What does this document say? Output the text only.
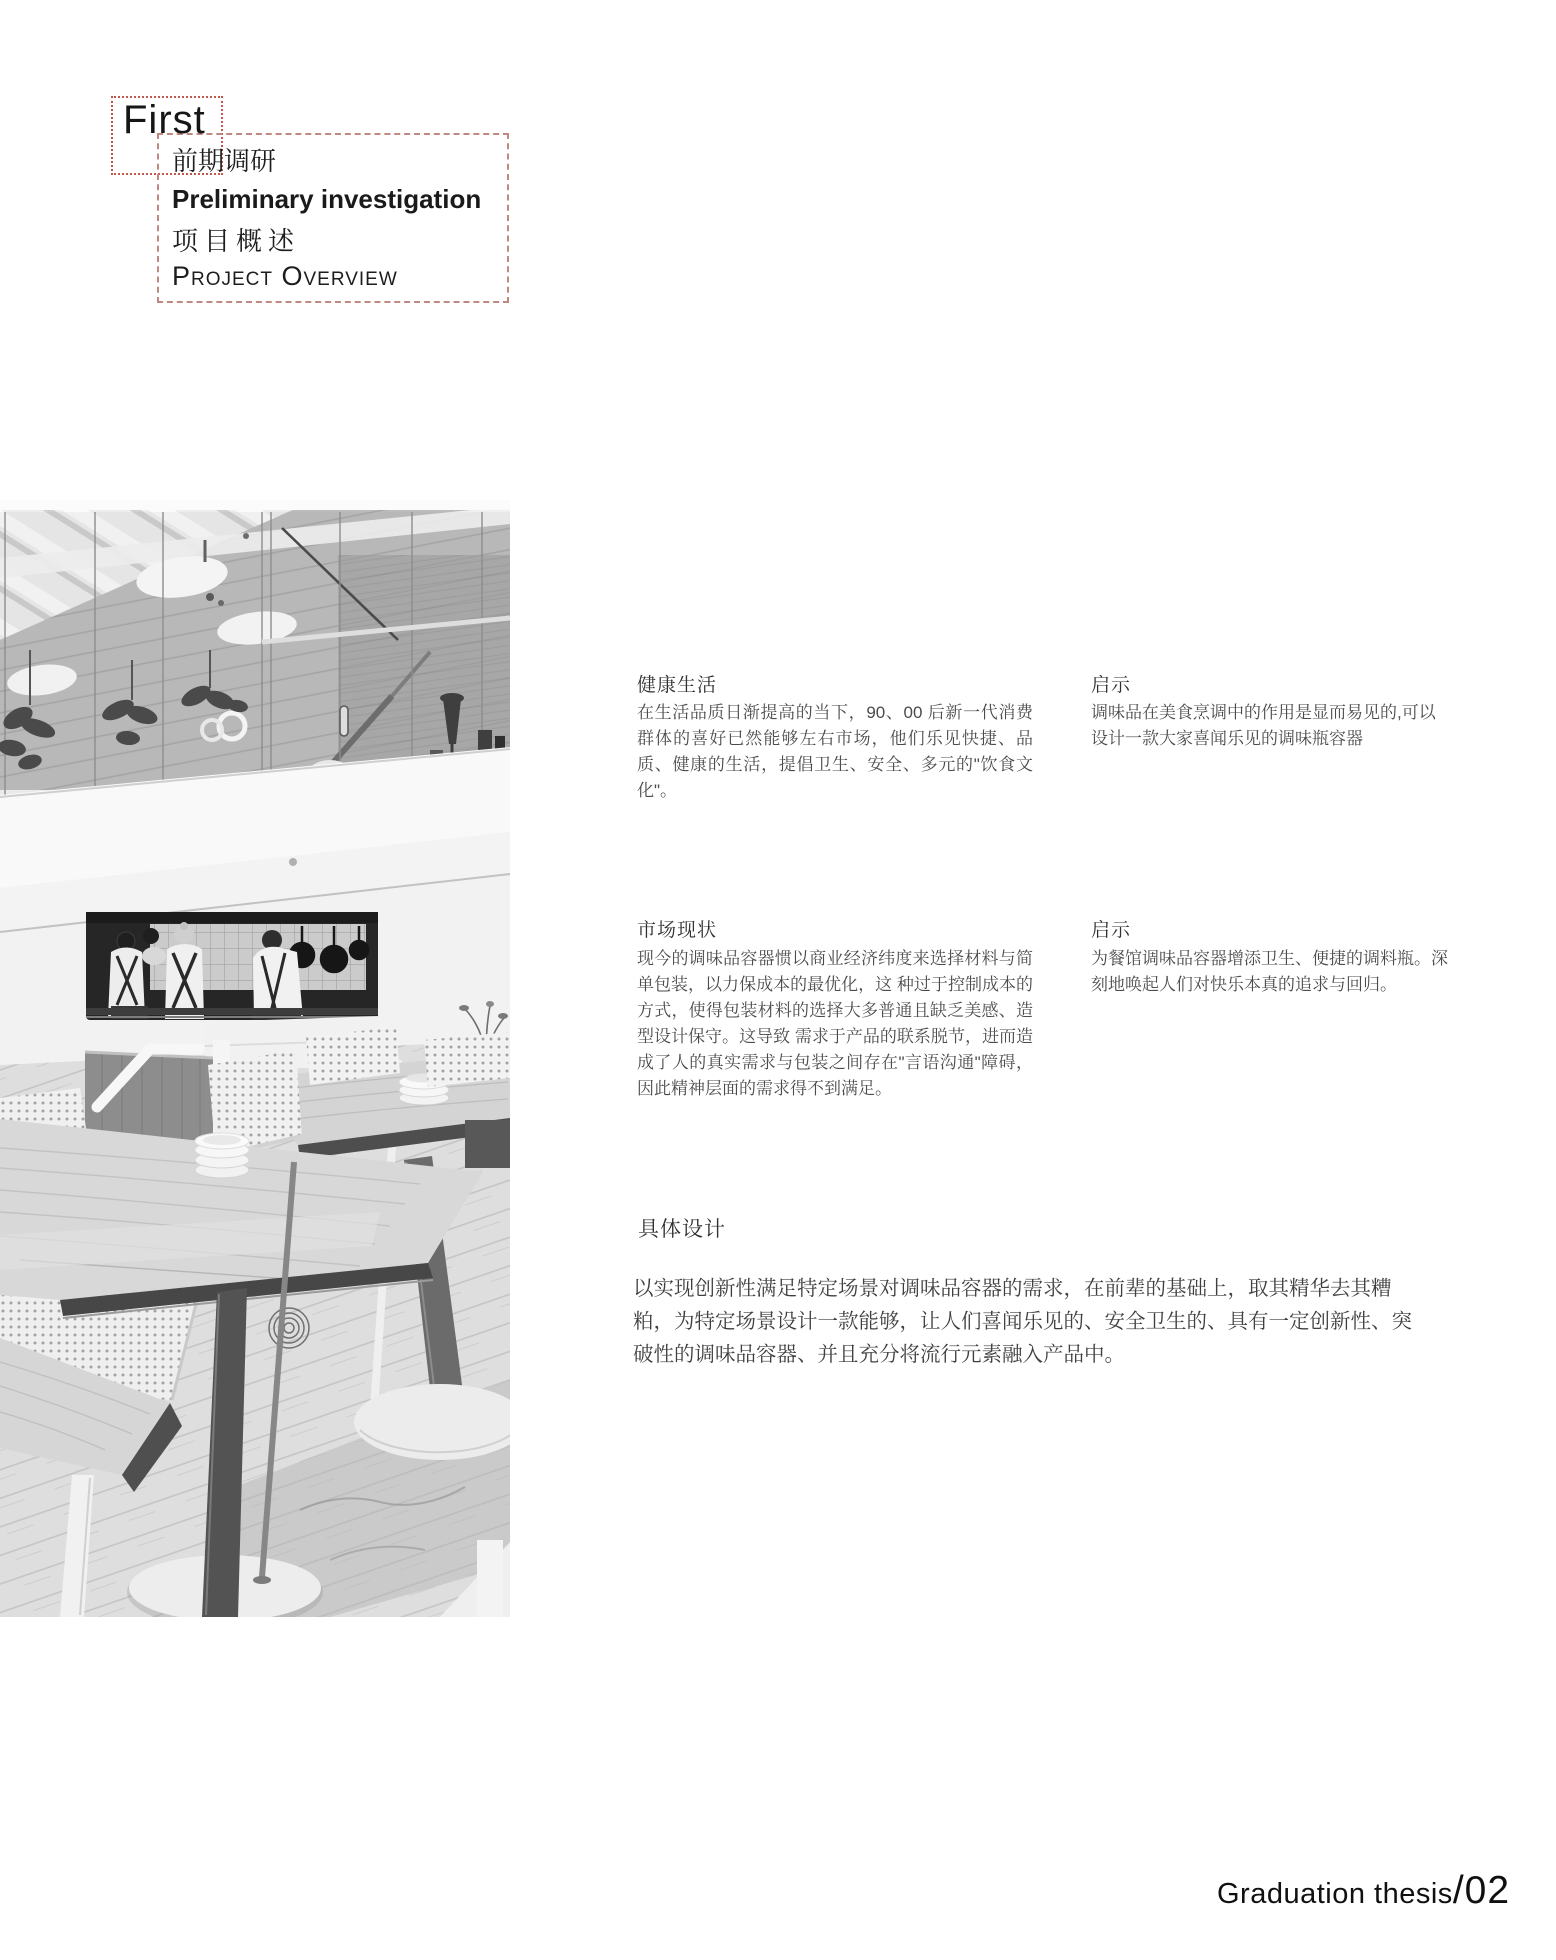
First
前期调研
Preliminary investigation
项目概述
Project Overview
健康生活
在生活品质日渐提高的当下，90、00 后新一代消费群体的喜好已然能够左右市场，他们乐见快捷、品质、健康的生活，提倡卫生、安全、多元的"饮食文化"。
启示
调味品在美食烹调中的作用是显而易见的,可以设计一款大家喜闻乐见的调味瓶容器
市场现状
现今的调味品容器惯以商业经济纬度来选择材料与简单包装，以力保成本的最优化，这 种过于控制成本的方式，使得包装材料的选择大多普通且缺乏美感、造型设计保守。这导致 需求于产品的联系脱节，进而造成了人的真实需求与包装之间存在"言语沟通"障碍，因此精神层面的需求得不到满足。
启示
为餐馆调味品容器增添卫生、便捷的调料瓶。深刻地唤起人们对快乐本真的追求与回归。
具体设计
以实现创新性满足特定场景对调味品容器的需求，在前辈的基础上，取其精华去其糟粕，为特定场景设计一款能够，让人们喜闻乐见的、安全卫生的、具有一定创新性、突破性的调味品容器、并且充分将流行元素融入产品中。
Graduation thesis /02
